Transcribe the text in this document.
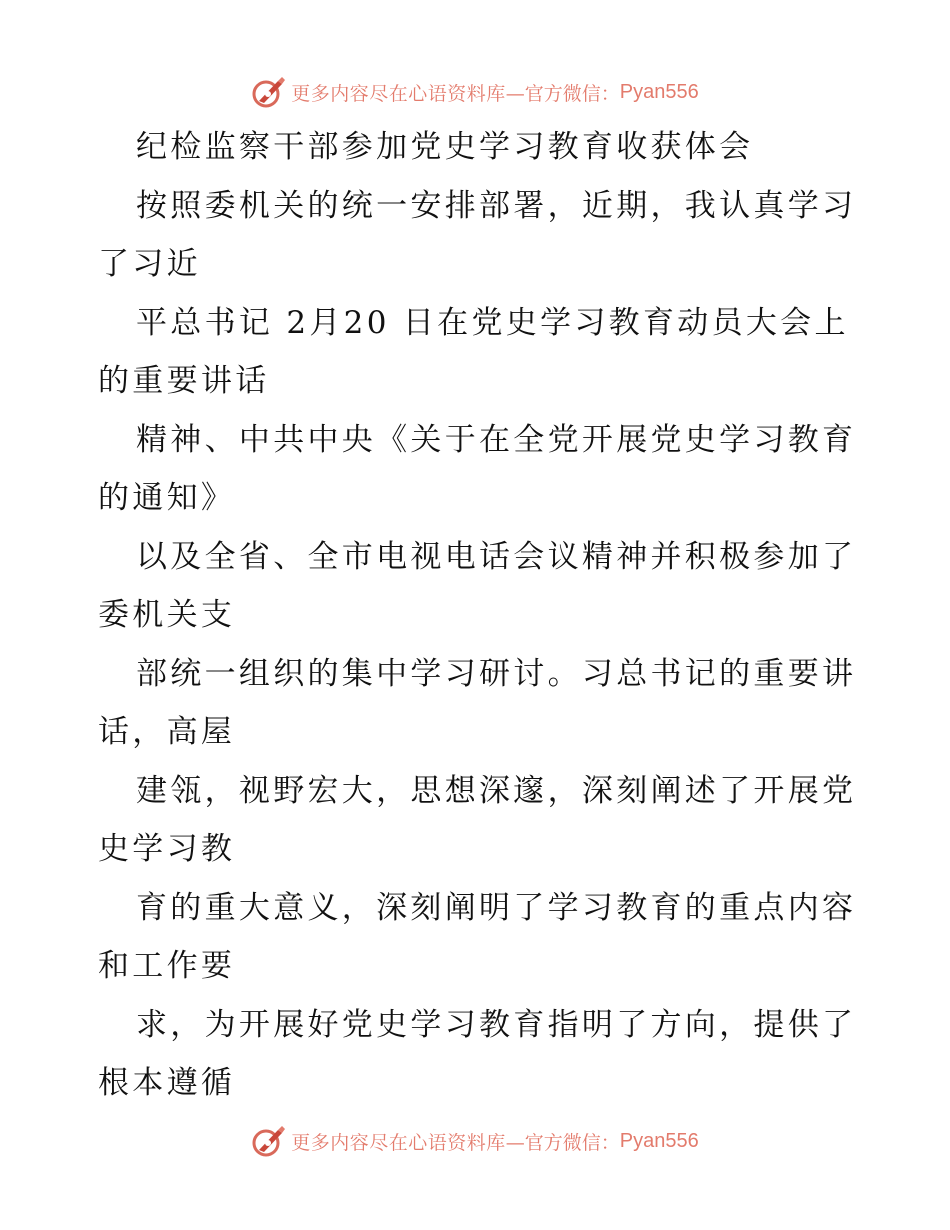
更多内容尽在心语资料库 —官方微信： Pyan556

纪检监察干部参加党史学习教育收获体会

按照委机关的统一安排部署，近期，我认真学习

了习近

平总书记 2月20 日在党史学习教育动员大会上

的重要讲话

精神、中共中央《关于在全党开展党史学习教育

的通知》

以及全省、全市电视电话会议精神并积极参加了

委机关支

部统一组织的集中学习研讨。习总书记的重要讲

话，高屋

建瓴，视野宏大，思想深邃，深刻阐述了开展党

史学习教

育的重大意义，深刻阐明了学习教育的重点内容

和工作要

求，为开展好党史学习教育指明了方向，提供了

根本遵循

更多内容尽在心语资料库 —官方微信： Pyan556
